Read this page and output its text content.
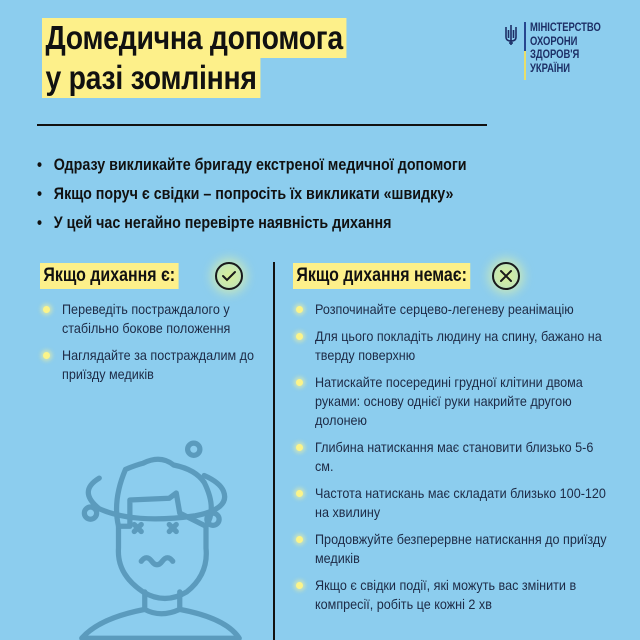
Домедична допомога
у разі зомління
МІНІСТЕРСТВО
ОХОРОНИ
ЗДОРОВ'Я
УКРАЇНИ
• Одразу викликайте бригаду екстреної медичної допомоги
• Якщо поруч є свідки – попросіть їх викликати «швидку»
• У цей час негайно перевірте наявність дихання
Якщо дихання є:
Переведіть постраждалого у стабільно бокове положення
Наглядайте за постраждалим до приїзду медиків
Якщо дихання немає:
Розпочинайте серцево-легеневу реанімацію
Для цього покладіть людину на спину, бажано на тверду поверхню
Натискайте посередині грудної клітини двома руками: основу однієї руки накрийте другою долонею
Глибина натискання має становити близько 5-6 см.
Частота натискань має складати близько 100-120 на хвилину
Продовжуйте безперервне натискання до приїзду медиків
Якщо є свідки події, які можуть вас змінити в компресії, робіть це кожні 2 хв
